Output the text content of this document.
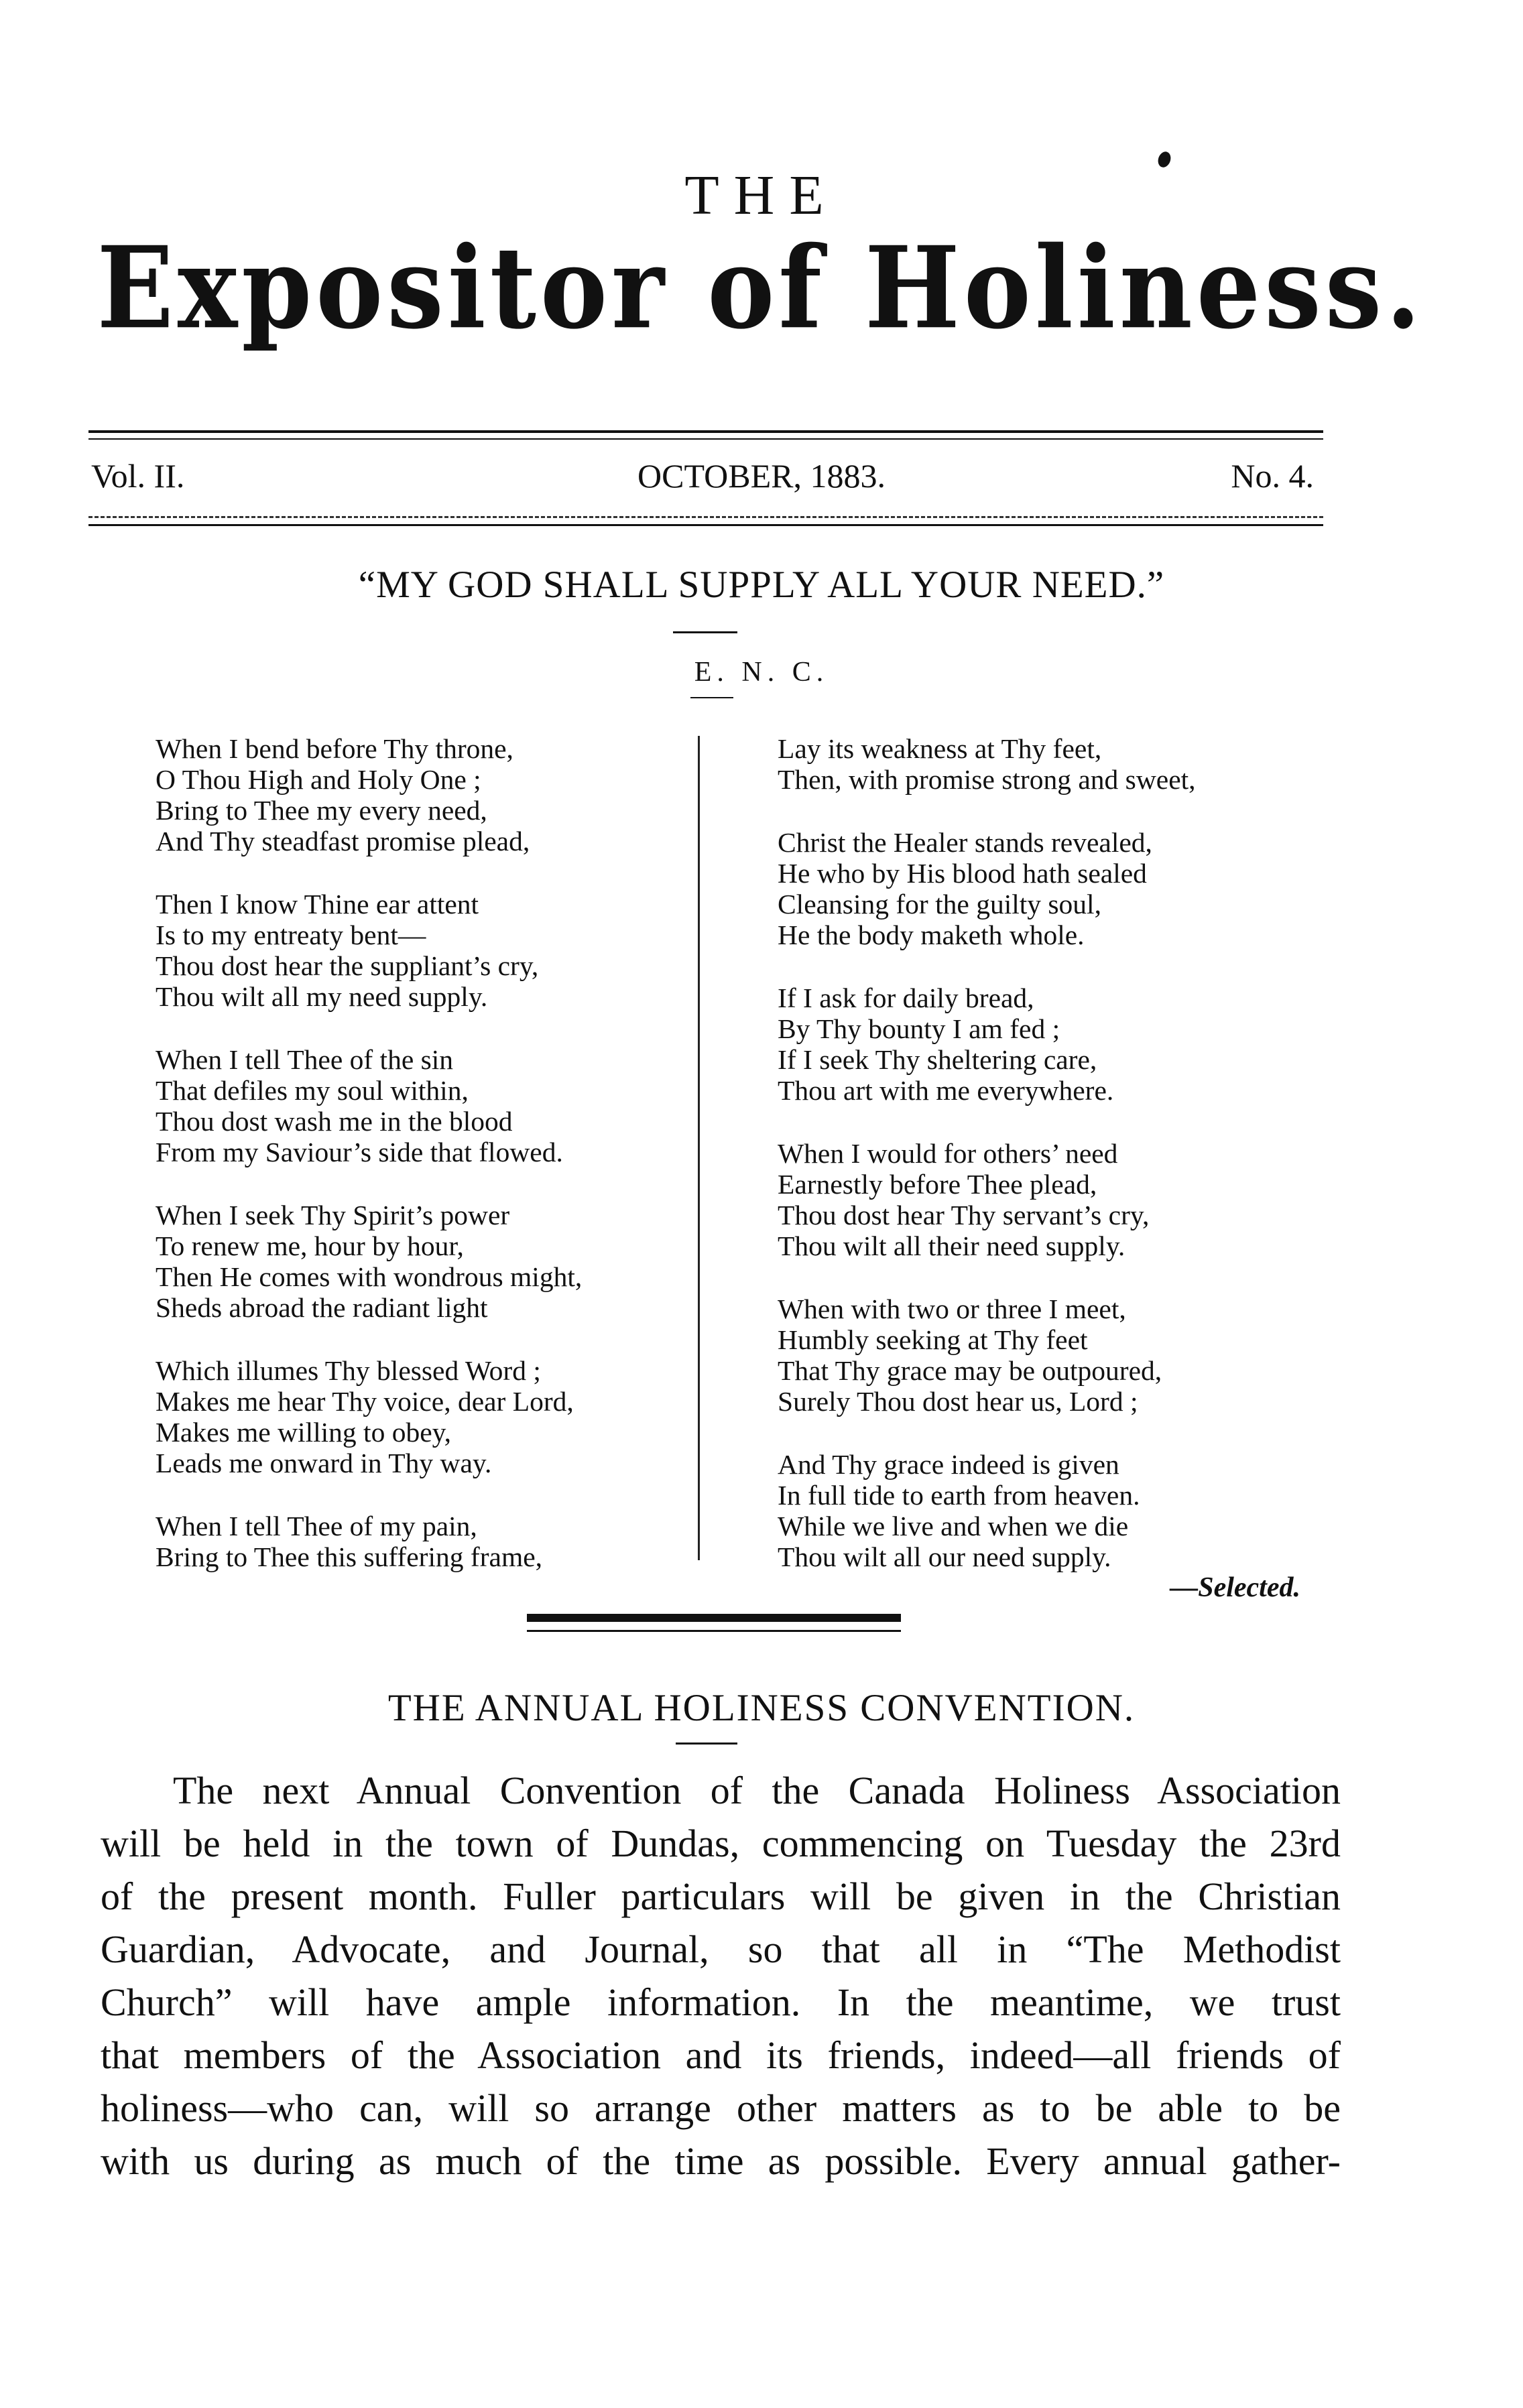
THE
Expositor of Holiness.
Vol. II.	OCTOBER, 1883.	No. 4.
“MY GOD SHALL SUPPLY ALL YOUR NEED.”
E. N. C.
When I bend before Thy throne,
O Thou High and Holy One ;
Bring to Thee my every need,
And Thy steadfast promise plead,
Then I know Thine ear attent
Is to my entreaty bent—
Thou dost hear the suppliant’s cry,
Thou wilt all my need supply.
When I tell Thee of the sin
That defiles my soul within,
Thou dost wash me in the blood
From my Saviour’s side that flowed.
When I seek Thy Spirit’s power
To renew me, hour by hour,
Then He comes with wondrous might,
Sheds abroad the radiant light
Which illumes Thy blessed Word ;
Makes me hear Thy voice, dear Lord,
Makes me willing to obey,
Leads me onward in Thy way.
When I tell Thee of my pain,
Bring to Thee this suffering frame,
Lay its weakness at Thy feet,
Then, with promise strong and sweet,
Christ the Healer stands revealed,
He who by His blood hath sealed
Cleansing for the guilty soul,
He the body maketh whole.
If I ask for daily bread,
By Thy bounty I am fed ;
If I seek Thy sheltering care,
Thou art with me everywhere.
When I would for others’ need
Earnestly before Thee plead,
Thou dost hear Thy servant’s cry,
Thou wilt all their need supply.
When with two or three I meet,
Humbly seeking at Thy feet
That Thy grace may be outpoured,
Surely Thou dost hear us, Lord ;
And Thy grace indeed is given
In full tide to earth from heaven.
While we live and when we die
Thou wilt all our need supply.
—Selected.
THE ANNUAL HOLINESS CONVENTION.
The next Annual Convention of the Canada Holiness Association
will be held in the town of Dundas, commencing on Tuesday the 23rd
of the present month. Fuller particulars will be given in the Christian
Guardian, Advocate, and Journal, so that all in “The Methodist
Church” will have ample information. In the meantime, we trust
that members of the Association and its friends, indeed—all friends of
holiness—who can, will so arrange other matters as to be able to be
with us during as much of the time as possible. Every annual gather-
